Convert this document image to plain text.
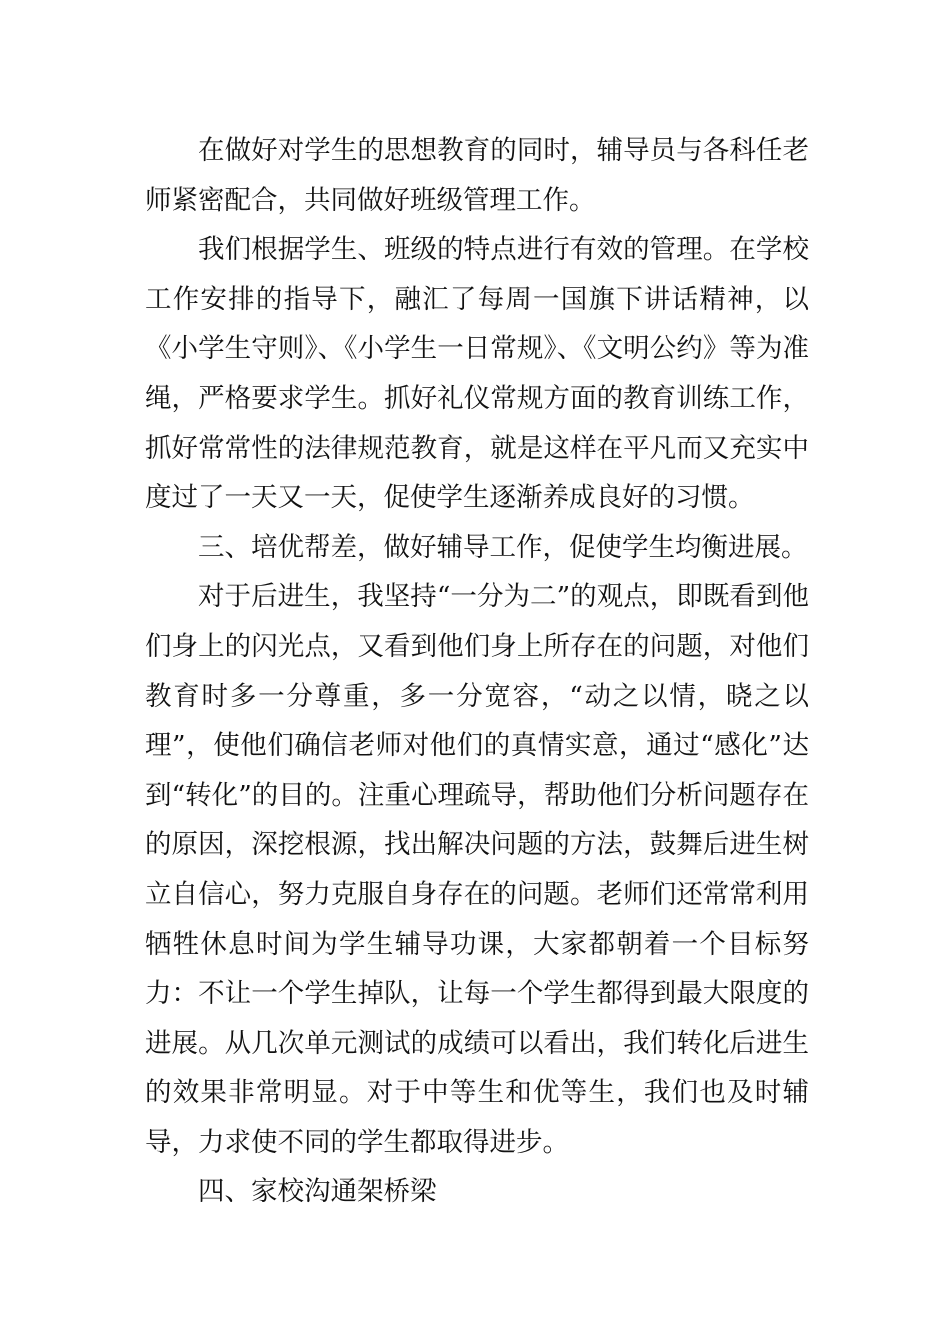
在做好对学生的思想教育的同时，辅导员与各科任老师紧密配合，共同做好班级管理工作。

我们根据学生、班级的特点进行有效的管理。在学校工作安排的指导下，融汇了每周一国旗下讲话精神，以《小学生守则》、《小学生一日常规》、《文明公约》等为准绳，严格要求学生。抓好礼仪常规方面的教育训练工作，抓好常常性的法律规范教育，就是这样在平凡而又充实中度过了一天又一天，促使学生逐渐养成良好的习惯。

三、培优帮差，做好辅导工作，促使学生均衡进展。

对于后进生，我坚持“一分为二”的观点，即既看到他们身上的闪光点，又看到他们身上所存在的问题，对他们教育时多一分尊重，多一分宽容，“动之以情，晓之以理”，使他们确信老师对他们的真情实意，通过“感化”达到“转化”的目的。注重心理疏导，帮助他们分析问题存在的原因，深挖根源，找出解决问题的方法，鼓舞后进生树立自信心，努力克服自身存在的问题。老师们还常常利用牺牲休息时间为学生辅导功课，大家都朝着一个目标努力：不让一个学生掉队，让每一个学生都得到最大限度的进展。从几次单元测试的成绩可以看出，我们转化后进生的效果非常明显。对于中等生和优等生，我们也及时辅导，力求使不同的学生都取得进步。

四、家校沟通架桥梁
